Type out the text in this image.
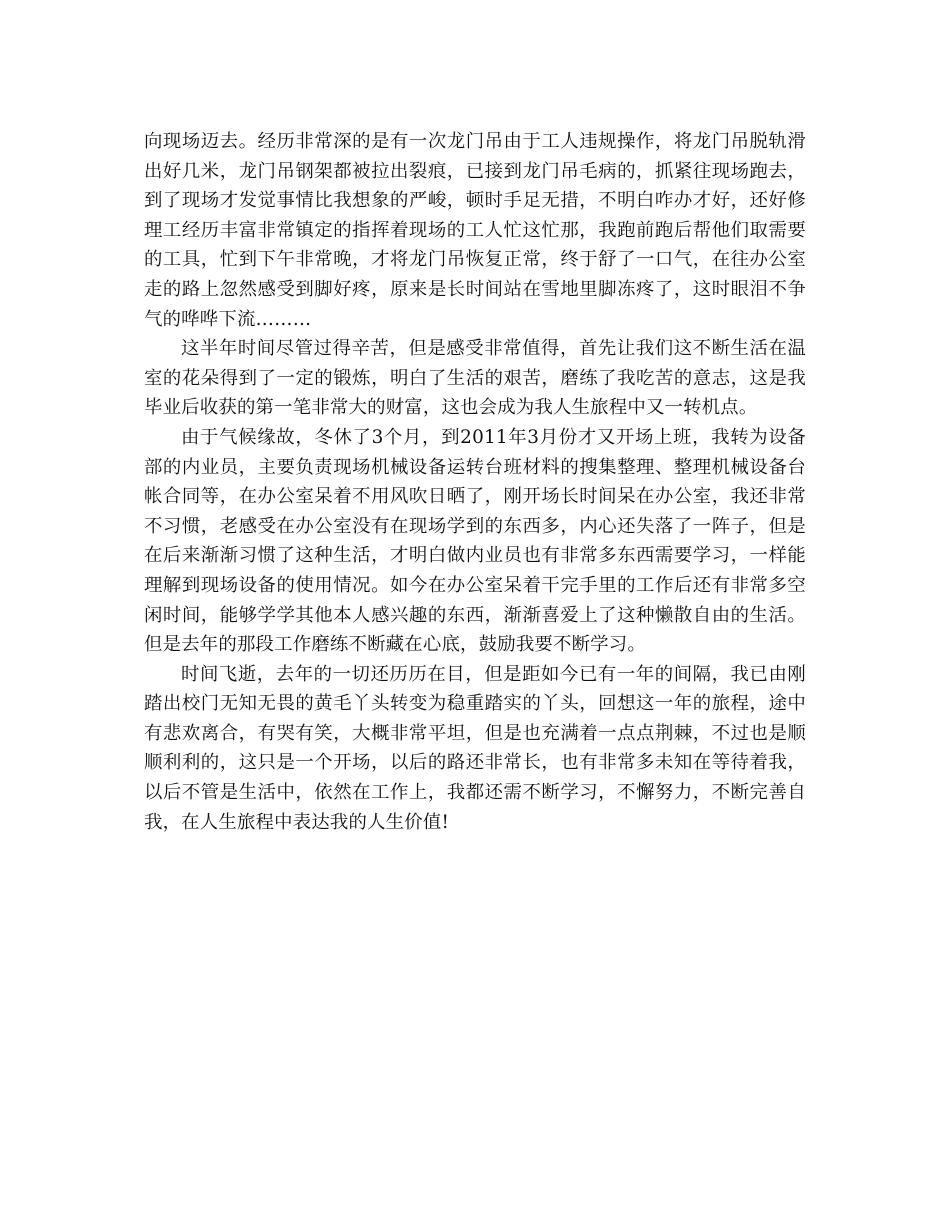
向现场迈去。经历非常深的是有一次龙门吊由于工人违规操作，将龙门吊脱轨滑出好几米，龙门吊钢架都被拉出裂痕，已接到龙门吊毛病的，抓紧往现场跑去，到了现场才发觉事情比我想象的严峻，顿时手足无措，不明白咋办才好，还好修理工经历丰富非常镇定的指挥着现场的工人忙这忙那，我跑前跑后帮他们取需要的工具，忙到下午非常晚，才将龙门吊恢复正常，终于舒了一口气，在往办公室走的路上忽然感受到脚好疼，原来是长时间站在雪地里脚冻疼了，这时眼泪不争气的哗哗下流………

这半年时间尽管过得辛苦，但是感受非常值得，首先让我们这不断生活在温室的花朵得到了一定的锻炼，明白了生活的艰苦，磨练了我吃苦的意志，这是我毕业后收获的第一笔非常大的财富，这也会成为我人生旅程中又一转机点。

由于气候缘故，冬休了3个月，到2011年3月份才又开场上班，我转为设备部的内业员，主要负责现场机械设备运转台班材料的搜集整理、整理机械设备台帐合同等，在办公室呆着不用风吹日晒了，刚开场长时间呆在办公室，我还非常不习惯，老感受在办公室没有在现场学到的东西多，内心还失落了一阵子，但是在后来渐渐习惯了这种生活，才明白做内业员也有非常多东西需要学习，一样能理解到现场设备的使用情况。如今在办公室呆着干完手里的工作后还有非常多空闲时间，能够学学其他本人感兴趣的东西，渐渐喜爱上了这种懒散自由的生活。但是去年的那段工作磨练不断藏在心底，鼓励我要不断学习。

时间飞逝，去年的一切还历历在目，但是距如今已有一年的间隔，我已由刚踏出校门无知无畏的黄毛丫头转变为稳重踏实的丫头，回想这一年的旅程，途中有悲欢离合，有哭有笑，大概非常平坦，但是也充满着一点点荆棘，不过也是顺顺利利的，这只是一个开场，以后的路还非常长，也有非常多未知在等待着我，以后不管是生活中，依然在工作上，我都还需不断学习，不懈努力，不断完善自我，在人生旅程中表达我的人生价值!
